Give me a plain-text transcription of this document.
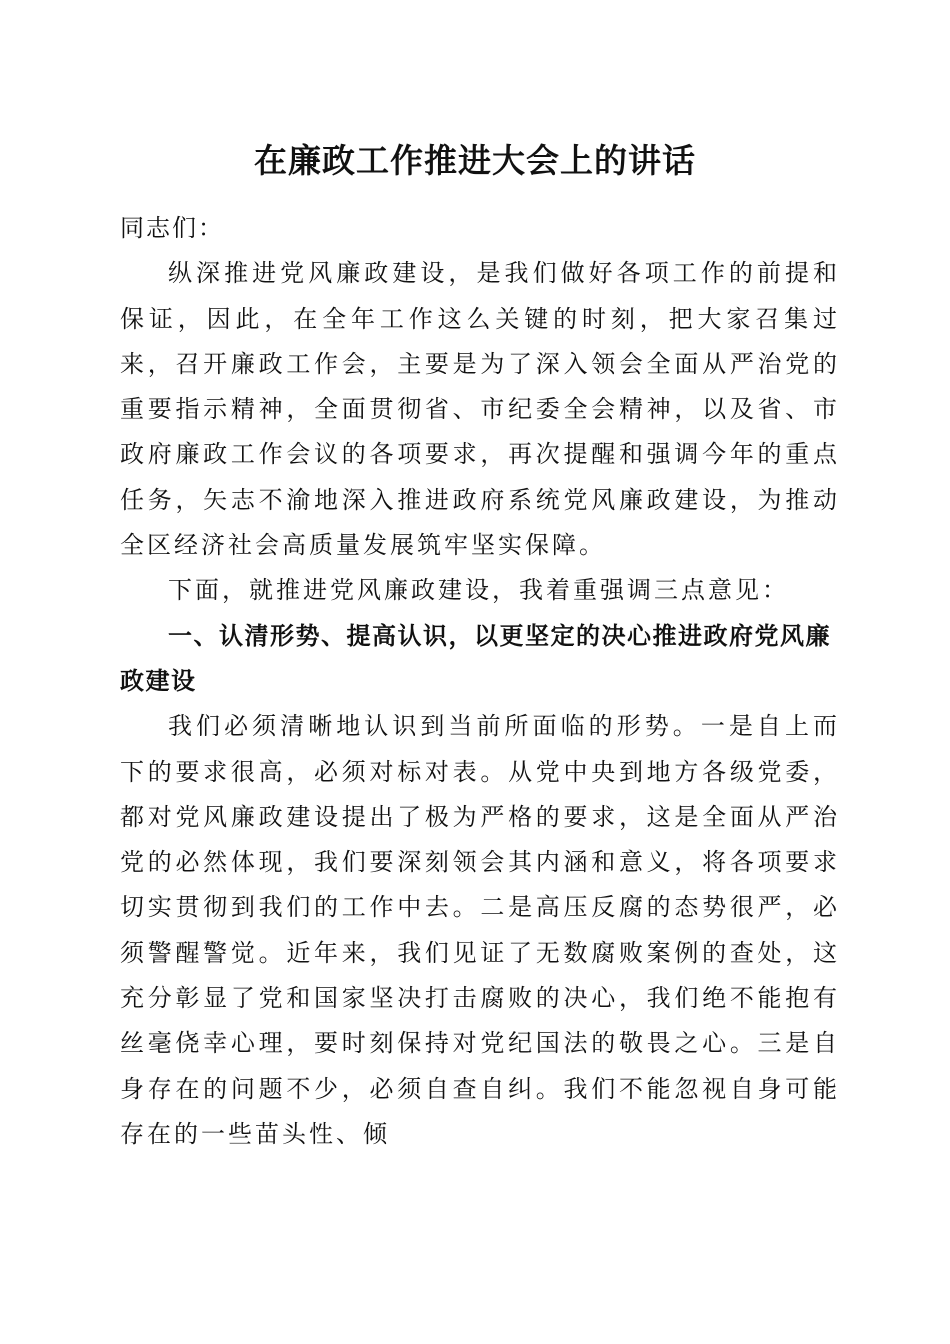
在廉政工作推进大会上的讲话

同志们：

纵深推进党风廉政建设，是我们做好各项工作的前提和保证，因此，在全年工作这么关键的时刻，把大家召集过来，召开廉政工作会，主要是为了深入领会全面从严治党的重要指示精神，全面贯彻省、市纪委全会精神，以及省、市政府廉政工作会议的各项要求，再次提醒和强调今年的重点任务，矢志不渝地深入推进政府系统党风廉政建设，为推动全区经济社会高质量发展筑牢坚实保障。

下面，就推进党风廉政建设，我着重强调三点意见：

一、认清形势、提高认识，以更坚定的决心推进政府党风廉政建设

我们必须清晰地认识到当前所面临的形势。一是自上而下的要求很高，必须对标对表。从党中央到地方各级党委，都对党风廉政建设提出了极为严格的要求，这是全面从严治党的必然体现，我们要深刻领会其内涵和意义，将各项要求切实贯彻到我们的工作中去。二是高压反腐的态势很严，必须警醒警觉。近年来，我们见证了无数腐败案例的查处，这充分彰显了党和国家坚决打击腐败的决心，我们绝不能抱有丝毫侥幸心理，要时刻保持对党纪国法的敬畏之心。三是自身存在的问题不少，必须自查自纠。我们不能忽视自身可能存在的一些苗头性、倾
